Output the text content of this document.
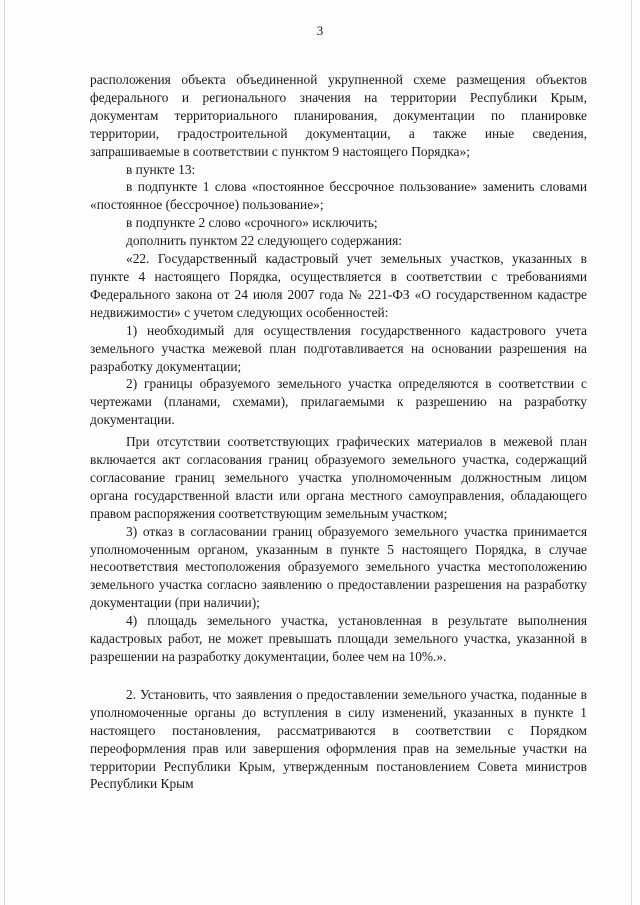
3

расположения объекта объединенной укрупненной схеме размещения объектов федерального и регионального значения на территории Республики Крым, документам территориального планирования, документации по планировке территории, градостроительной документации, а также иные сведения, запрашиваемые в соответствии с пунктом 9 настоящего Порядка»;

в пункте 13:

в подпункте 1 слова «постоянное бессрочное пользование» заменить словами «постоянное (бессрочное) пользование»;

в подпункте 2 слово «срочного» исключить;

дополнить пунктом 22 следующего содержания:

«22. Государственный кадастровый учет земельных участков, указанных в пункте 4 настоящего Порядка, осуществляется в соответствии с требованиями Федерального закона от 24 июля 2007 года № 221-ФЗ «О государственном кадастре недвижимости» с учетом следующих особенностей:

1) необходимый для осуществления государственного кадастрового учета земельного участка межевой план подготавливается на основании разрешения на разработку документации;

2) границы образуемого земельного участка определяются в соответствии с чертежами (планами, схемами), прилагаемыми к разрешению на разработку документации.

При отсутствии соответствующих графических материалов в межевой план включается акт согласования границ образуемого земельного участка, содержащий согласование границ земельного участка уполномоченным должностным лицом органа государственной власти или органа местного самоуправления, обладающего правом распоряжения соответствующим земельным участком;

3) отказ в согласовании границ образуемого земельного участка принимается уполномоченным органом, указанным в пункте 5 настоящего Порядка, в случае несоответствия местоположения образуемого земельного участка местоположению земельного участка согласно заявлению о предоставлении разрешения на разработку документации (при наличии);

4) площадь земельного участка, установленная в результате выполнения кадастровых работ, не может превышать площади земельного участка, указанной в разрешении на разработку документации, более чем на 10%.».

2. Установить, что заявления о предоставлении земельного участка, поданные в уполномоченные органы до вступления в силу изменений, указанных в пункте 1 настоящего постановления, рассматриваются в соответствии с Порядком переоформления прав или завершения оформления прав на земельные участки на территории Республики Крым, утвержденным постановлением Совета министров Республики Крым
